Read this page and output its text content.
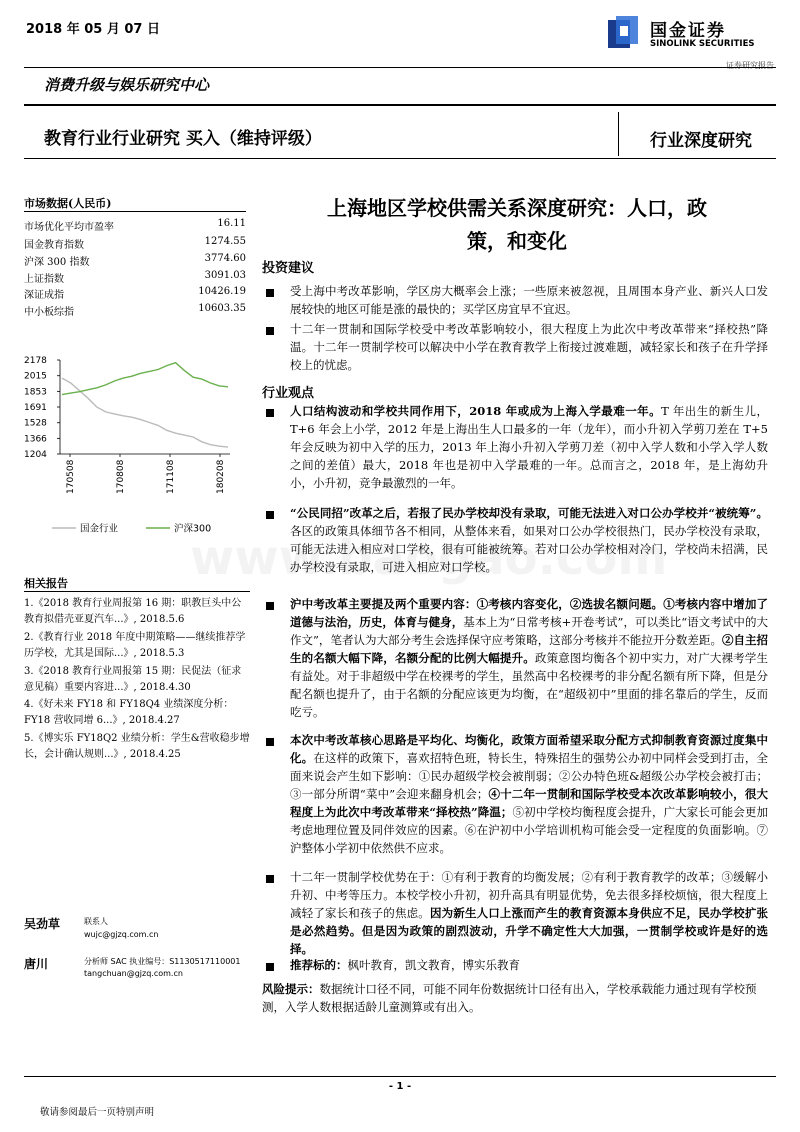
2018 年 05 月 07 日	国金证券
SINOLINK SECURITIES
证券研究报告
消费升级与娱乐研究中心
教育行业行业研究 买入（维持评级）	行业深度研究
市场数据(人民币)
市场优化平均市盈率	16.11
国金教育指数	1274.55
沪深 300 指数	3774.60
上证指数	3091.03
深证成指	10426.19
中小板综指	10603.35
2178
2015
1853
1691
1528
1366
1204
170508	170808	171108	180208
国金行业	沪深300
相关报告
1.《2018 教育行业周报第 16 期：职教巨头中公教育拟借壳亚夏汽车...》, 2018.5.6
2.《教育行业 2018 年度中期策略——继续推荐学历学校，尤其是国际...》, 2018.5.3
3.《2018 教育行业周报第 15 期：民促法（征求意见稿）重要内容进...》, 2018.4.30
4.《好未来 FY18 和 FY18Q4 业绩深度分析：FY18 营收同增 6...》, 2018.4.27
5.《博实乐 FY18Q2 业绩分析：学生&营收稳步增长，会计确认规则...》, 2018.4.25
吴劲草	联系人
wujc@gjzq.com.cn
唐川	分析师 SAC 执业编号：S1130517110001
tangchuan@gjzq.com.cn
上海地区学校供需关系深度研究：人口，政
策，和变化
投资建议
受上海中考改革影响，学区房大概率会上涨；一些原来被忽视，且周围本身产业、新兴人口发展较快的地区可能是涨的最快的；买学区房宜早不宜迟。
十二年一贯制和国际学校受中考改革影响较小，很大程度上为此次中考改革带来“择校热”降温。十二年一贯制学校可以解决中小学在教育教学上衔接过渡难题，减轻家长和孩子在升学择校上的忧虑。
行业观点
人口结构波动和学校共同作用下，2018 年或成为上海入学最难一年。T 年出生的新生儿，T+6 年会上小学，2012 年是上海出生人口最多的一年（龙年），而小升初入学剪刀差在 T+5 年会反映为初中入学的压力，2013 年上海小升初入学剪刀差（初中入学人数和小学入学人数之间的差值）最大，2018 年也是初中入学最难的一年。总而言之，2018 年，是上海幼升小，小升初，竞争最激烈的一年。
“公民同招”改革之后，若报了民办学校却没有录取，可能无法进入对口公办学校并“被统筹”。各区的政策具体细节各不相同，从整体来看，如果对口公办学校很热门，民办学校没有录取，可能无法进入相应对口学校，很有可能被统筹。若对口公办学校相对冷门，学校尚未招满，民办学校没有录取，可进入相应对口学校。
沪中考改革主要提及两个重要内容：①考核内容变化，②选拔名额问题。①考核内容中增加了道德与法治，历史，体育与健身，基本上为“日常考核+开卷考试”，可以类比“语文考试中的大作文”，笔者认为大部分考生会选择保守应考策略，这部分考核并不能拉开分数差距。②自主招生的名额大幅下降，名额分配的比例大幅提升。政策意图均衡各个初中实力，对广大裸考学生有益处。对于非超级中学在校裸考的学生，虽然高中名校裸考的非分配名额有所下降，但是分配名额也提升了，由于名额的分配应该更为均衡，在“超级初中”里面的排名靠后的学生，反而吃亏。
本次中考改革核心思路是平均化、均衡化，政策方面希望采取分配方式抑制教育资源过度集中化。在这样的政策下，喜欢招特色班，特长生，特殊招生的强势公办初中同样会受到打击，全面来说会产生如下影响：①民办超级学校会被削弱；②公办特色班&超级公办学校会被打击；③一部分所谓“菜中”会迎来翻身机会；④十二年一贯制和国际学校受本次改革影响较小，很大程度上为此次中考改革带来“择校热”降温；⑤初中学校均衡程度会提升，广大家长可能会更加考虑地理位置及同伴效应的因素。⑥在沪初中小学培训机构可能会受一定程度的负面影响。⑦沪整体小学初中依然供不应求。
十二年一贯制学校优势在于：①有利于教育的均衡发展；②有利于教育教学的改革；③缓解小升初、中考等压力。本校学校小升初，初升高具有明显优势，免去很多择校烦恼，很大程度上减轻了家长和孩子的焦虑。因为新生人口上涨而产生的教育资源本身供应不足，民办学校扩张是必然趋势。但是因为政策的剧烈波动，升学不确定性大大加强，一贯制学校或许是好的选择。
推荐标的：枫叶教育，凯文教育，博实乐教育
风险提示：数据统计口径不同，可能不同年份数据统计口径有出入，学校承载能力通过现有学校预测，入学人数根据适龄儿童测算或有出入。
- 1 -
敬请参阅最后一页特别声明
